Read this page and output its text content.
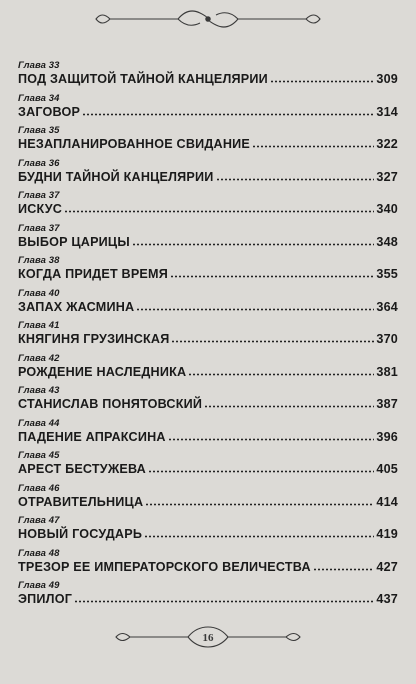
Глава 33
ПОД ЗАЩИТОЙ ТАЙНОЙ КАНЦЕЛЯРИИ	309
Глава 34
ЗАГОВОР	314
Глава 35
НЕЗАПЛАНИРОВАННОЕ СВИДАНИЕ	322
Глава 36
БУДНИ ТАЙНОЙ КАНЦЕЛЯРИИ	327
Глава 37
ИСКУС	340
Глава 37
ВЫБОР ЦАРИЦЫ	348
Глава 38
КОГДА ПРИДЕТ ВРЕМЯ	355
Глава 40
ЗАПАХ ЖАСМИНА	364
Глава 41
КНЯГИНЯ ГРУЗИНСКАЯ	370
Глава 42
РОЖДЕНИЕ НАСЛЕДНИКА	381
Глава 43
СТАНИСЛАВ ПОНЯТОВСКИЙ	387
Глава 44
ПАДЕНИЕ АПРАКСИНА	396
Глава 45
АРЕСТ БЕСТУЖЕВА	405
Глава 46
ОТРАВИТЕЛЬНИЦА	414
Глава 47
НОВЫЙ ГОСУДАРЬ	419
Глава 48
ТРЕЗОР ЕЕ ИМПЕРАТОРСКОГО ВЕЛИЧЕСТВА	427
Глава 49
ЭПИЛОГ	437
16
